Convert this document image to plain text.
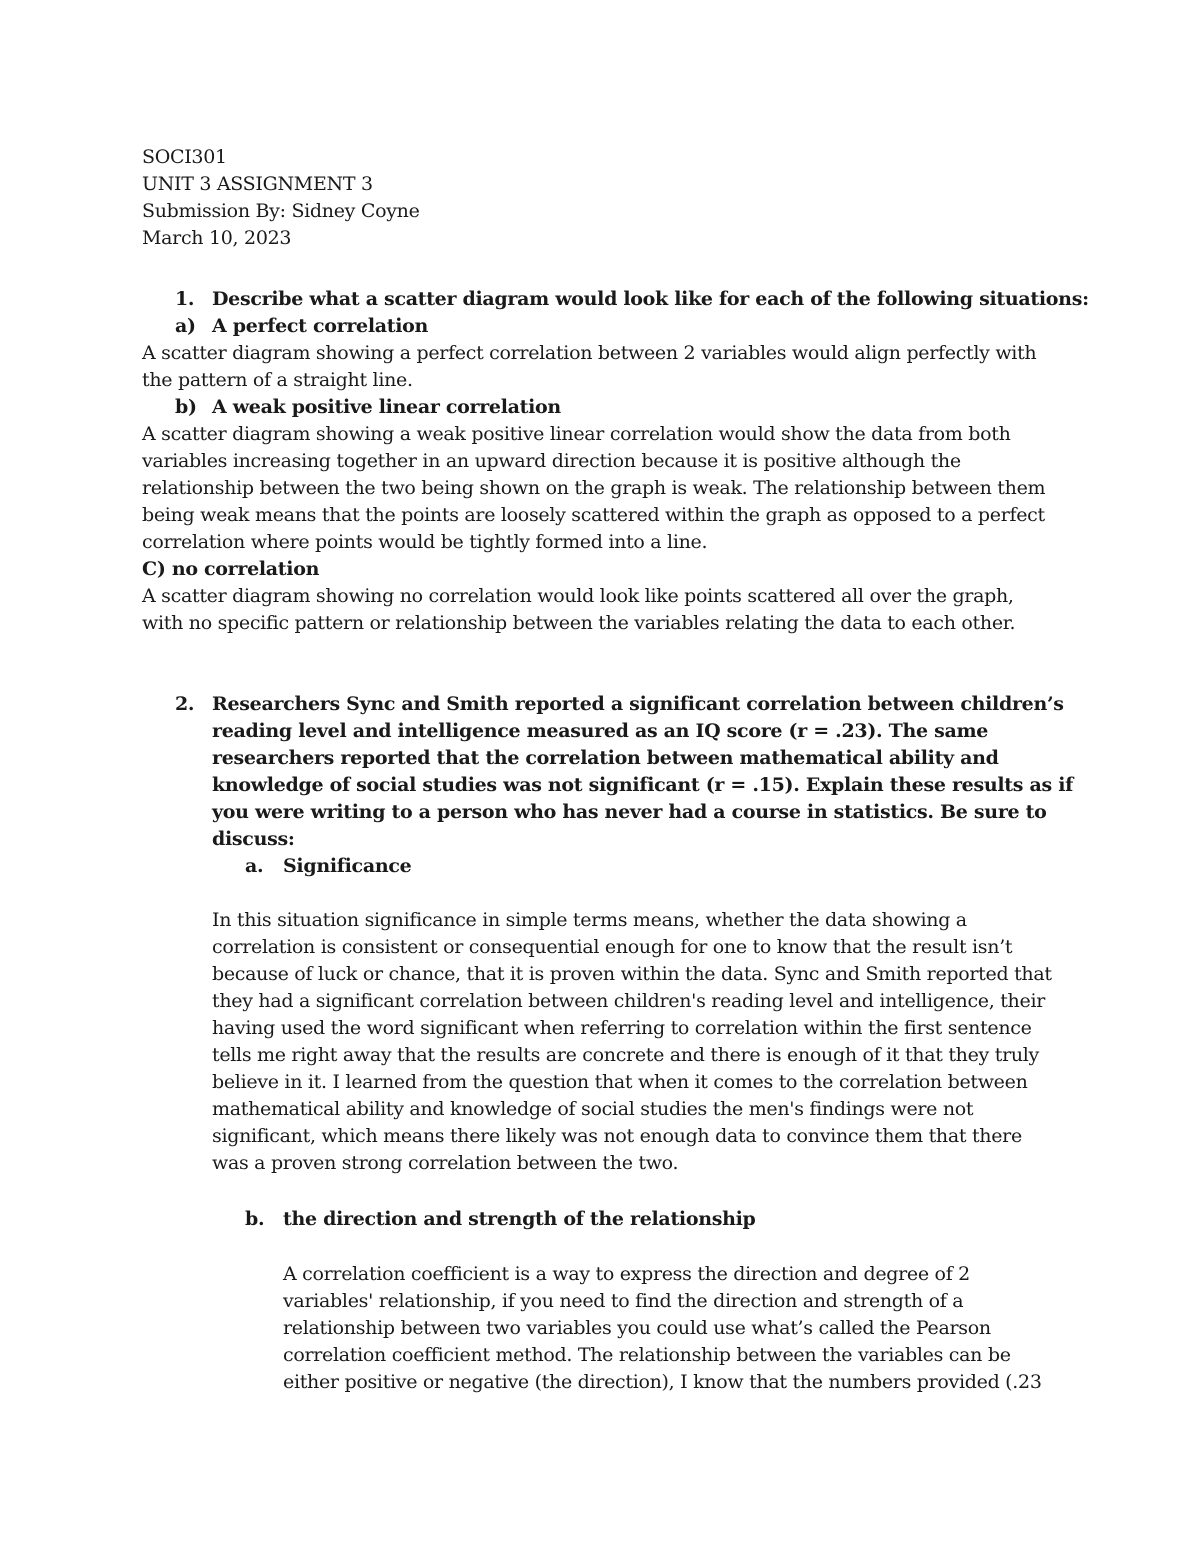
SOCI301
UNIT 3 ASSIGNMENT 3
Submission By: Sidney Coyne
March 10, 2023
1. Describe what a scatter diagram would look like for each of the following situations:
a) A perfect correlation
A scatter diagram showing a perfect correlation between 2 variables would align perfectly with
the pattern of a straight line.
b) A weak positive linear correlation
A scatter diagram showing a weak positive linear correlation would show the data from both
variables increasing together in an upward direction because it is positive although the
relationship between the two being shown on the graph is weak. The relationship between them
being weak means that the points are loosely scattered within the graph as opposed to a perfect
correlation where points would be tightly formed into a line.
C) no correlation
A scatter diagram showing no correlation would look like points scattered all over the graph,
with no specific pattern or relationship between the variables relating the data to each other.
2. Researchers Sync and Smith reported a significant correlation between children’s
reading level and intelligence measured as an IQ score (r = .23). The same
researchers reported that the correlation between mathematical ability and
knowledge of social studies was not significant (r = .15). Explain these results as if
you were writing to a person who has never had a course in statistics. Be sure to
discuss:
a. Significance
In this situation significance in simple terms means, whether the data showing a
correlation is consistent or consequential enough for one to know that the result isn’t
because of luck or chance, that it is proven within the data. Sync and Smith reported that
they had a significant correlation between children's reading level and intelligence, their
having used the word significant when referring to correlation within the first sentence
tells me right away that the results are concrete and there is enough of it that they truly
believe in it. I learned from the question that when it comes to the correlation between
mathematical ability and knowledge of social studies the men's findings were not
significant, which means there likely was not enough data to convince them that there
was a proven strong correlation between the two.
b. the direction and strength of the relationship
A correlation coefficient is a way to express the direction and degree of 2
variables' relationship, if you need to find the direction and strength of a
relationship between two variables you could use what’s called the Pearson
correlation coefficient method. The relationship between the variables can be
either positive or negative (the direction), I know that the numbers provided (.23
